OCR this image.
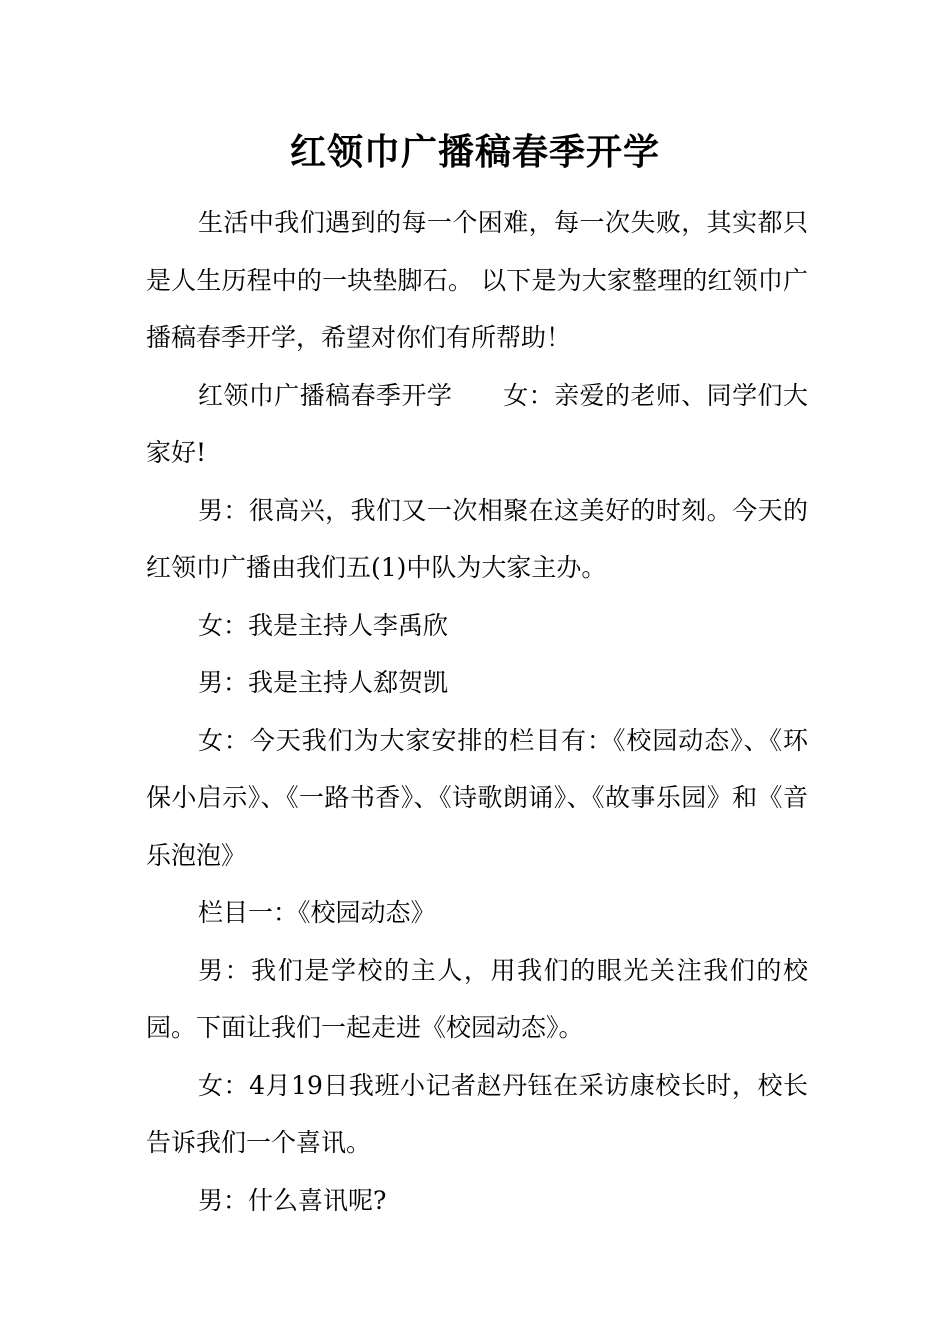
红领巾广播稿春季开学

生活中我们遇到的每一个困难，每一次失败，其实都只是人生历程中的一块垫脚石。 以下是为大家整理的红领巾广播稿春季开学，希望对你们有所帮助！

红领巾广播稿春季开学　　女：亲爱的老师、同学们大家好!

男：很高兴，我们又一次相聚在这美好的时刻。今天的红领巾广播由我们五(1)中队为大家主办。

女：我是主持人李禹欣

男：我是主持人郄贺凯

女：今天我们为大家安排的栏目有：《校园动态》、《环保小启示》、《一路书香》、《诗歌朗诵》、《故事乐园》和《音乐泡泡》

栏目一：《校园动态》

男：我们是学校的主人，用我们的眼光关注我们的校园。下面让我们一起走进《校园动态》。

女：4月19日我班小记者赵丹钰在采访康校长时，校长告诉我们一个喜讯。

男：什么喜讯呢?
